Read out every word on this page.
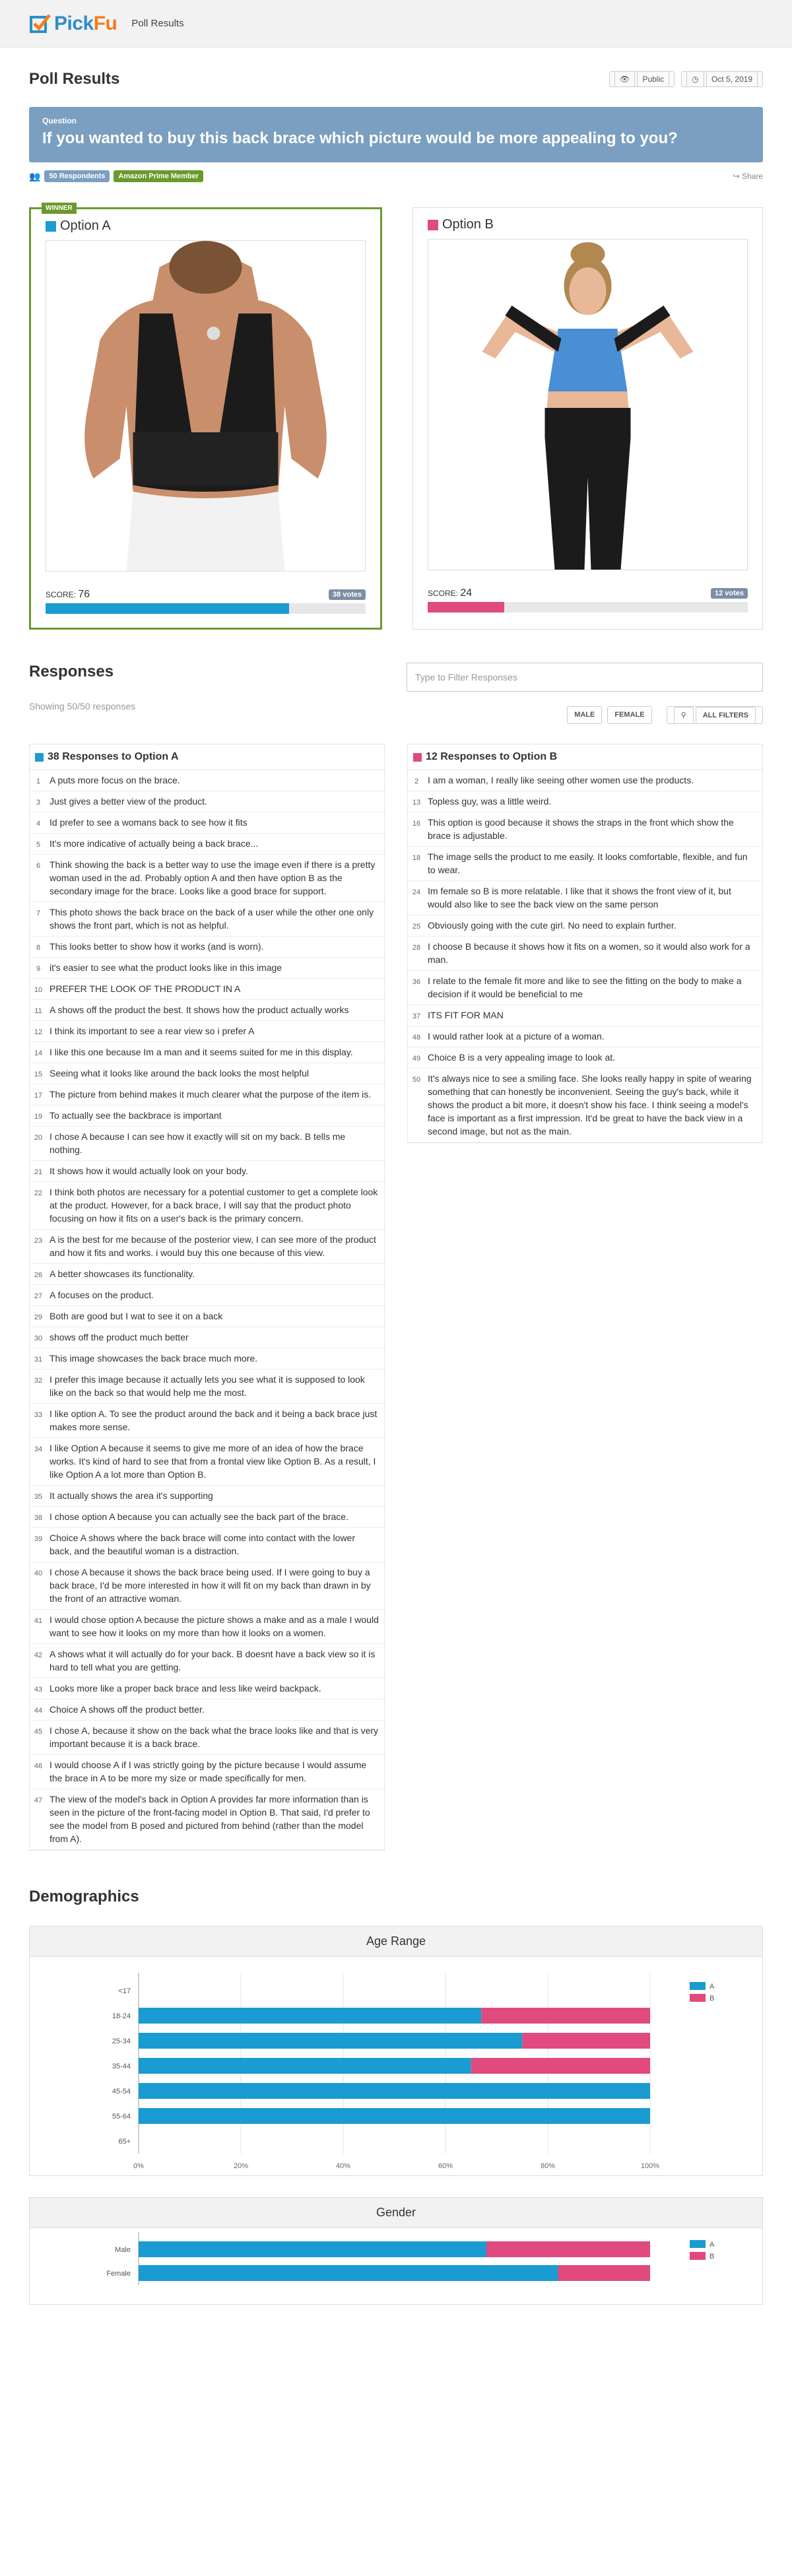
PickFu Poll Results
Poll Results	👁 Public	◷ Oct 5, 2019
Question
If you wanted to buy this back brace which picture would be more appealing to you?
👥	50 Respondents	Amazon Prime Member	↪ Share
WINNER
Option A
SCORE: 76	38 votes
Option B
SCORE: 24	12 votes
Responses	Type to Filter Responses
Showing 50/50 responses
MALE	FEMALE	⚲ ALL FILTERS
38 Responses to Option A
1 A puts more focus on the brace.
3 Just gives a better view of the product.
4 Id prefer to see a womans back to see how it fits
5 It's more indicative of actually being a back brace...
6 Think showing the back is a better way to use the image even if there is a pretty woman used in the ad. Probably option A and then have option B as the secondary image for the brace. Looks like a good brace for support.
7 This photo shows the back brace on the back of a user while the other one only shows the front part, which is not as helpful.
8 This looks better to show how it works (and is worn).
9 it's easier to see what the product looks like in this image
10 PREFER THE LOOK OF THE PRODUCT IN A
11 A shows off the product the best. It shows how the product actually works
12 I think its important to see a rear view so i prefer A
14 I like this one because Im a man and it seems suited for me in this display.
15 Seeing what it looks like around the back looks the most helpful
17 The picture from behind makes it much clearer what the purpose of the item is.
19 To actually see the backbrace is important
20 I chose A because I can see how it exactly will sit on my back. B tells me nothing.
21 It shows how it would actually look on your body.
22 I think both photos are necessary for a potential customer to get a complete look at the product. However, for a back brace, I will say that the product photo focusing on how it fits on a user's back is the primary concern.
23 A is the best for me because of the posterior view, I can see more of the product and how it fits and works. i would buy this one because of this view.
26 A better showcases its functionality.
27 A focuses on the product.
29 Both are good but I wat to see it on a back
30 shows off the product much better
31 This image showcases the back brace much more.
32 I prefer this image because it actually lets you see what it is supposed to look like on the back so that would help me the most.
33 I like option A. To see the product around the back and it being a back brace just makes more sense.
34 I like Option A because it seems to give me more of an idea of how the brace works. It's kind of hard to see that from a frontal view like Option B. As a result, I like Option A a lot more than Option B.
35 It actually shows the area it's supporting
38 I chose option A because you can actually see the back part of the brace.
39 Choice A shows where the back brace will come into contact with the lower back, and the beautiful woman is a distraction.
40 I chose A because it shows the back brace being used. If I were going to buy a back brace, I'd be more interested in how it will fit on my back than drawn in by the front of an attractive woman.
41 I would chose option A because the picture shows a make and as a male I would want to see how it looks on my more than how it looks on a women.
42 A shows what it will actually do for your back. B doesnt have a back view so it is hard to tell what you are getting.
43 Looks more like a proper back brace and less like weird backpack.
44 Choice A shows off the product better.
45 I chose A, because it show on the back what the brace looks like and that is very important because it is a back brace.
46 I would choose A if I was strictly going by the picture because I would assume the brace in A to be more my size or made specifically for men.
47 The view of the model's back in Option A provides far more information than is seen in the picture of the front-facing model in Option B. That said, I'd prefer to see the model from B posed and pictured from behind (rather than the model from A).
12 Responses to Option B
2 I am a woman, I really like seeing other women use the products.
13 Topless guy, was a little weird.
16 This option is good because it shows the straps in the front which show the brace is adjustable.
18 The image sells the product to me easily. It looks comfortable, flexible, and fun to wear.
24 Im female so B is more relatable. I like that it shows the front view of it, but would also like to see the back view on the same person
25 Obviously going with the cute girl. No need to explain further.
28 I choose B because it shows how it fits on a women, so it would also work for a man.
36 I relate to the female fit more and like to see the fitting on the body to make a decision if it would be beneficial to me
37 ITS FIT FOR MAN
48 I would rather look at a picture of a woman.
49 Choice B is a very appealing image to look at.
50 It's always nice to see a smiling face. She looks really happy in spite of wearing something that can honestly be inconvenient. Seeing the guy's back, while it shows the product a bit more, it doesn't show his face. I think seeing a model's face is important as a first impression. It'd be great to have the back view in a second image, but not as the main.
Demographics
Age Range
0%	20%	40%	60%	80%	100%
<17
18-24
25-34
35-44
45-54
55-64
65+
A
B
Gender
Male
Female
A
B
